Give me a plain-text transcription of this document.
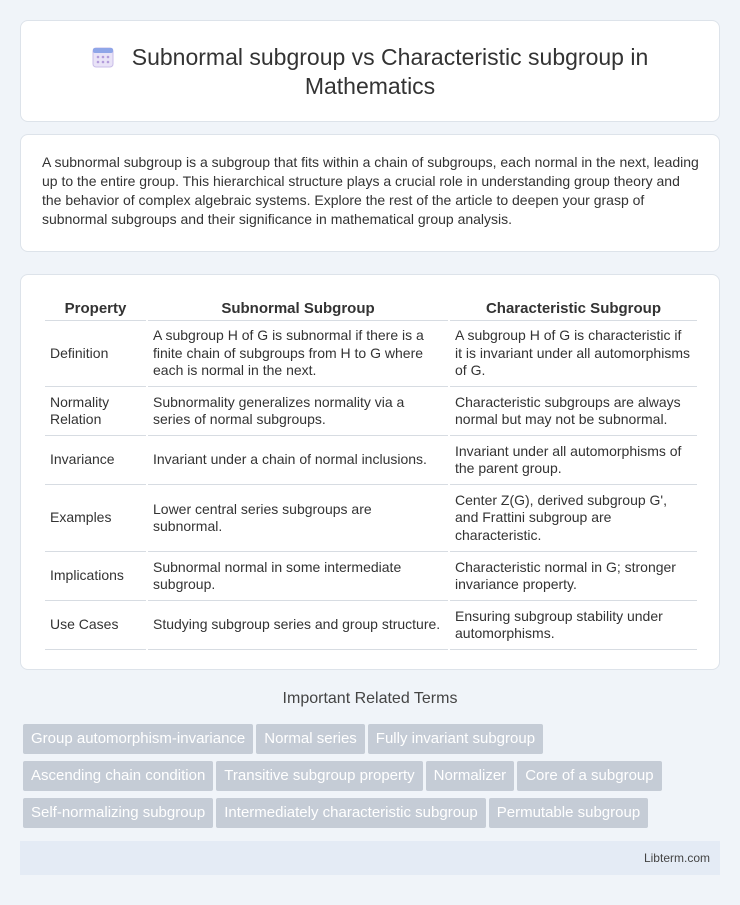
Subnormal subgroup vs Characteristic subgroup in Mathematics

A subnormal subgroup is a subgroup that fits within a chain of subgroups, each normal in the next, leading up to the entire group. This hierarchical structure plays a crucial role in understanding group theory and the behavior of complex algebraic systems. Explore the rest of the article to deepen your grasp of subnormal subgroups and their significance in mathematical group analysis.

Property	Subnormal Subgroup	Characteristic Subgroup
Definition	A subgroup H of G is subnormal if there is a finite chain of subgroups from H to G where each is normal in the next.	A subgroup H of G is characteristic if it is invariant under all automorphisms of G.
Normality Relation	Subnormality generalizes normality via a series of normal subgroups.	Characteristic subgroups are always normal but may not be subnormal.
Invariance	Invariant under a chain of normal inclusions.	Invariant under all automorphisms of the parent group.
Examples	Lower central series subgroups are subnormal.	Center Z(G), derived subgroup G', and Frattini subgroup are characteristic.
Implications	Subnormal normal in some intermediate subgroup.	Characteristic normal in G; stronger invariance property.
Use Cases	Studying subgroup series and group structure.	Ensuring subgroup stability under automorphisms.
Important Related Terms
Group automorphism-invariance Normal series Fully invariant subgroup
Ascending chain condition Transitive subgroup property Normalizer Core of a subgroup
Self-normalizing subgroup Intermediately characteristic subgroup Permutable subgroup
Libterm.com
